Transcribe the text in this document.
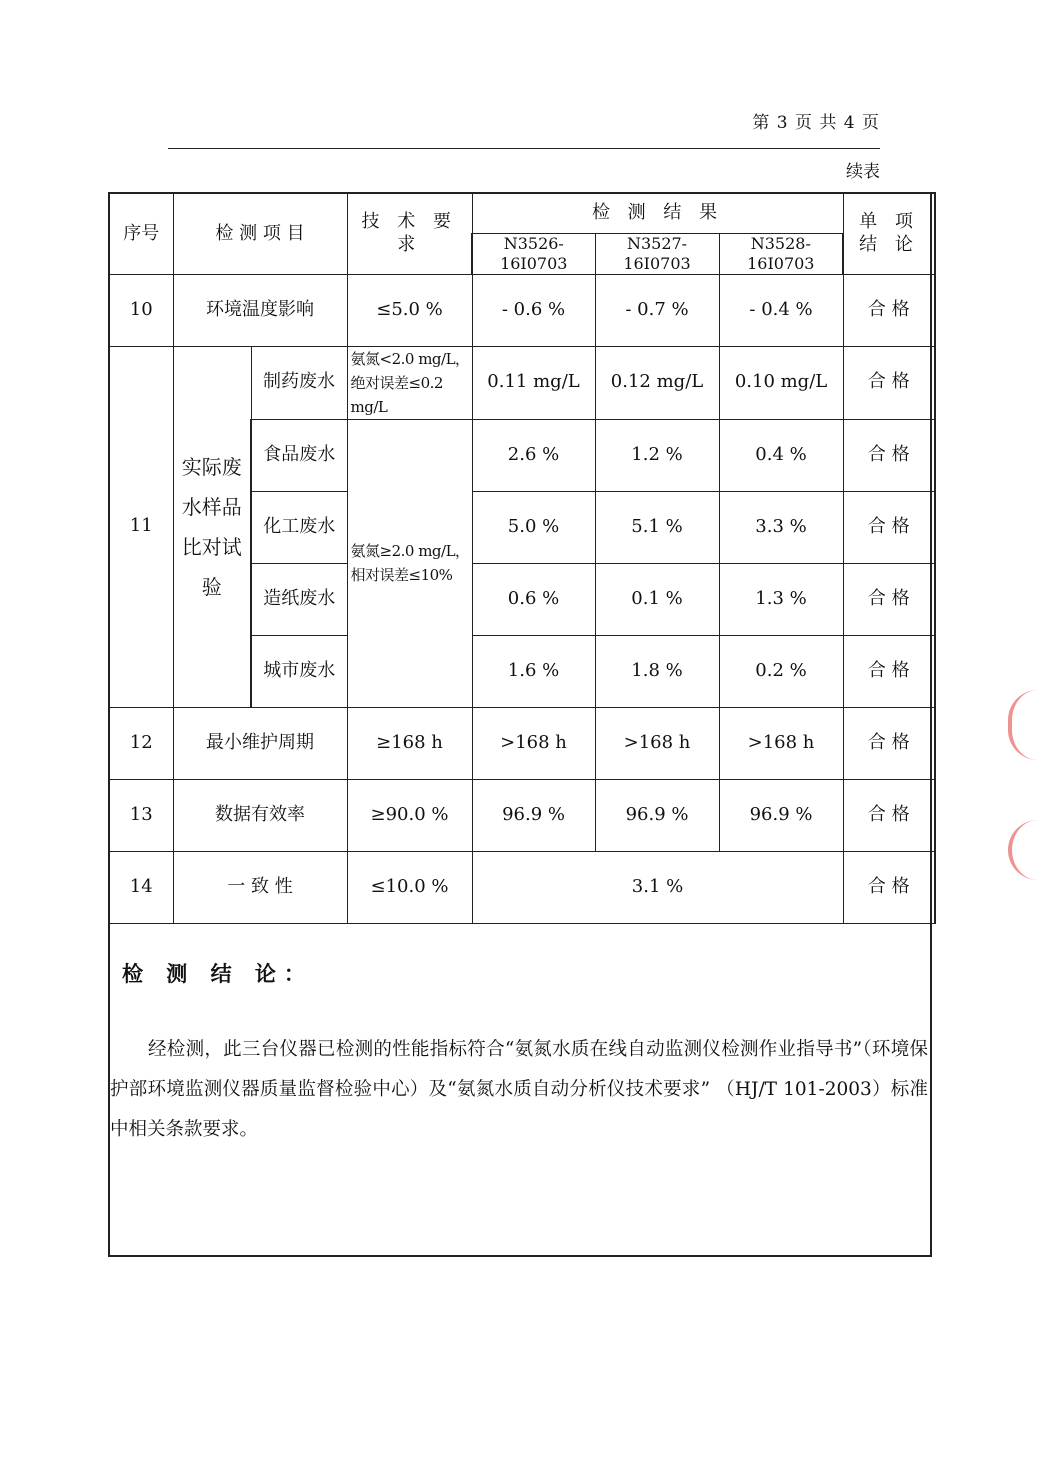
第 3 页 共 4 页
续表
序号	检 测 项 目		技 术 要 求	检 测 结 果			单 项 结 论
				N3526-16I0703	N3527-16I0703	N3528-16I0703	
10	环境温度影响		≤5.0 %	- 0.6 %	- 0.7 %	- 0.4 %	合 格
11	实际废水样品比对试验	制药废水	氨氮<2.0 mg/L，绝对误差≤0.2 mg/L	0.11 mg/L	0.12 mg/L	0.10 mg/L	合 格
		食品废水	氨氮≥2.0 mg/L，相对误差≤10%	2.6 %	1.2 %	0.4 %	合 格
		化工废水		5.0 %	5.1 %	3.3 %	合 格
		造纸废水		0.6 %	0.1 %	1.3 %	合 格
		城市废水		1.6 %	1.8 %	0.2 %	合 格
12	最小维护周期		≥168 h	>168 h	>168 h	>168 h	合 格
13	数据有效率		≥90.0 %	96.9 %	96.9 %	96.9 %	合 格
14	一 致 性		≤10.0 %	3.1 %			合 格
检 测 结 论：
经检测，此三台仪器已检测的性能指标符合“氨氮水质在线自动监测仪检测作业指导书”（环境保护部环境监测仪器质量监督检验中心）及“氨氮水质自动分析仪技术要求” （HJ/T 101-2003）标准中相关条款要求。
